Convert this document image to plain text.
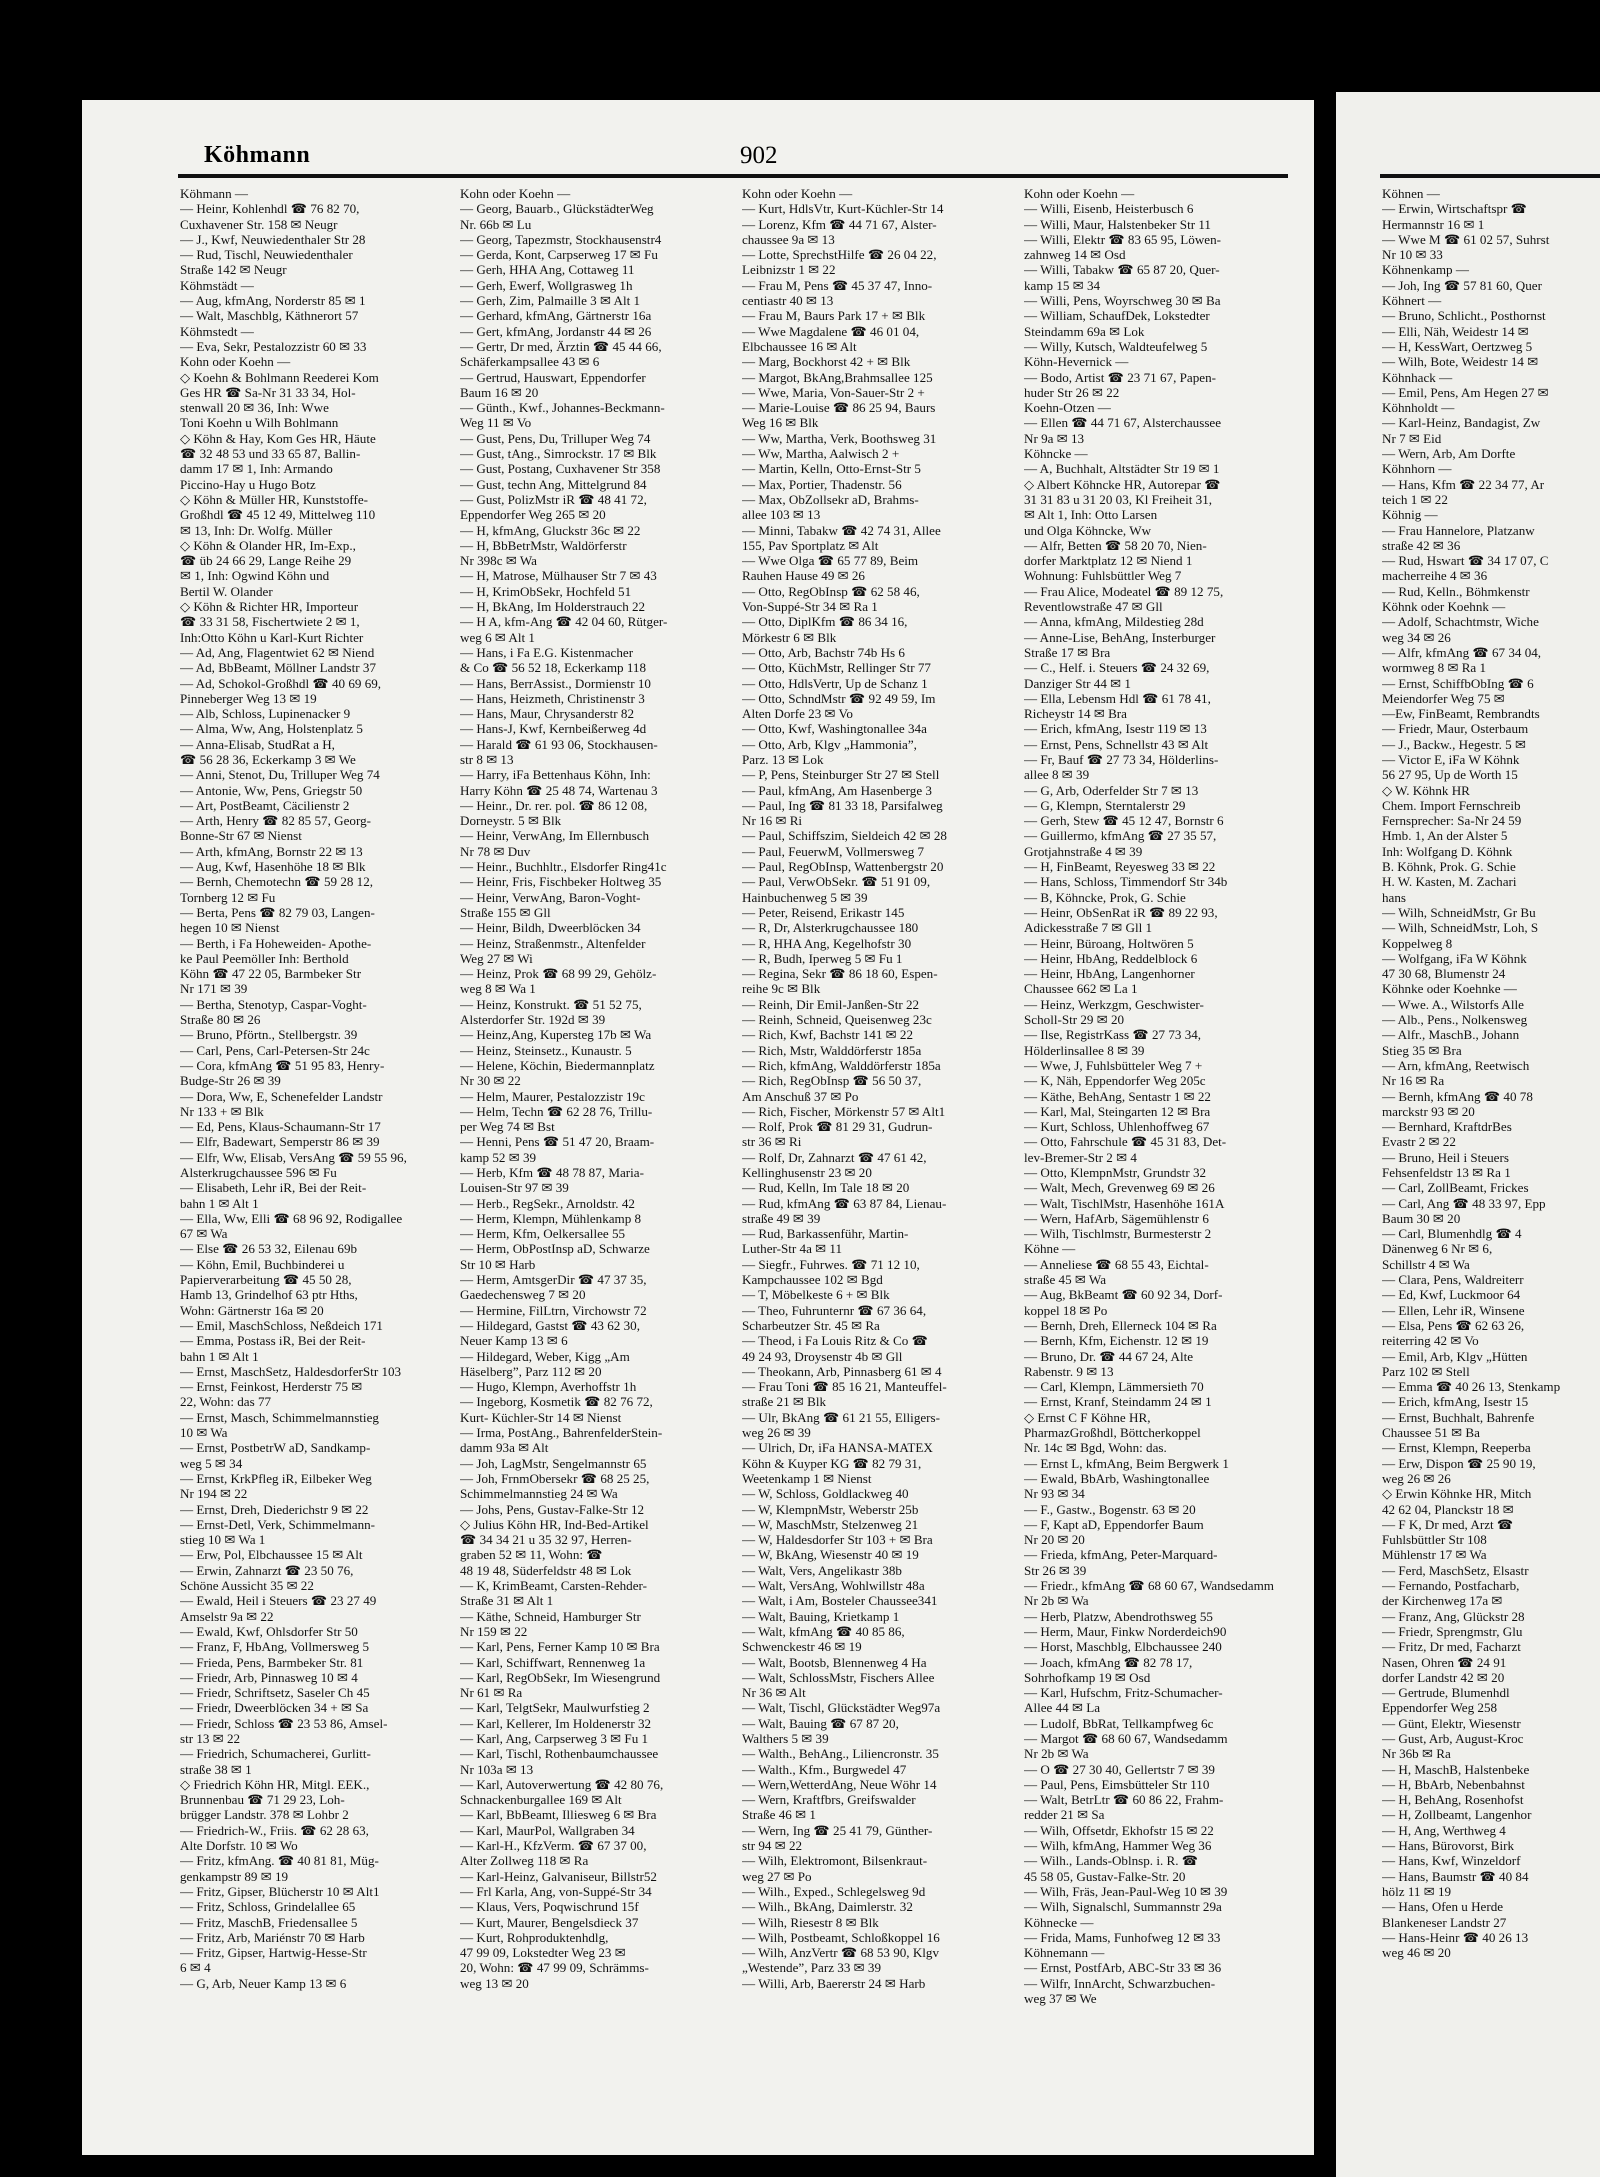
Köhmann	902
Köhmann —
— Heinr, Kohlenhdl ☎ 76 82 70,
Cuxhavener Str. 158 ✉ Neugr
— J., Kwf, Neuwiedenthaler Str 28
— Rud, Tischl, Neuwiedenthaler
Straße 142 ✉ Neugr
Köhmstädt —
— Aug, kfmAng, Norderstr 85 ✉ 1
— Walt, Maschblg, Käthnerort 57
Köhmstedt —
— Eva, Sekr, Pestalozzistr 60 ✉ 33
Kohn oder Koehn —
◇ Koehn & Bohlmann Reederei Kom
Ges HR ☎ Sa-Nr 31 33 34, Hol-
stenwall 20 ✉ 36, Inh: Wwe
Toni Koehn u Wilh Bohlmann
◇ Köhn & Hay, Kom Ges HR, Häute
☎ 32 48 53 und 33 65 87, Ballin-
damm 17 ✉ 1, Inh: Armando
Piccino-Hay u Hugo Botz
◇ Köhn & Müller HR, Kunststoffe-
Großhdl ☎ 45 12 49, Mittelweg 110
✉ 13, Inh: Dr. Wolfg. Müller
◇ Köhn & Olander HR, Im-Exp.,
☎ üb 24 66 29, Lange Reihe 29
✉ 1, Inh: Ogwind Köhn und
Bertil W. Olander
◇ Köhn & Richter HR, Importeur
☎ 33 31 58, Fischertwiete 2 ✉ 1,
Inh:Otto Köhn u Karl-Kurt Richter
— Ad, Ang, Flagentwiet 62 ✉ Niend
— Ad, BbBeamt, Möllner Landstr 37
— Ad, Schokol-Großhdl ☎ 40 69 69,
Pinneberger Weg 13 ✉ 19
— Alb, Schloss, Lupinenacker 9
— Alma, Ww, Ang, Holstenplatz 5
— Anna-Elisab, StudRat a H,
☎ 56 28 36, Eckerkamp 3 ✉ We
— Anni, Stenot, Du, Trilluper Weg 74
— Antonie, Ww, Pens, Griegstr 50
— Art, PostBeamt, Cäcilienstr 2
— Arth, Henry ☎ 82 85 57, Georg-
Bonne-Str 67 ✉ Nienst
— Arth, kfmAng, Bornstr 22 ✉ 13
— Aug, Kwf, Hasenhöhe 18 ✉ Blk
— Bernh, Chemotechn ☎ 59 28 12,
Tornberg 12 ✉ Fu
— Berta, Pens ☎ 82 79 03, Langen-
hegen 10 ✉ Nienst
— Berth, i Fa Hoheweiden- Apothe-
ke Paul Peemöller Inh: Berthold
Köhn ☎ 47 22 05, Barmbeker Str
Nr 171 ✉ 39
— Bertha, Stenotyp, Caspar-Voght-
Straße 80 ✉ 26
— Bruno, Pförtn., Stellbergstr. 39
— Carl, Pens, Carl-Petersen-Str 24c
— Cora, kfmAng ☎ 51 95 83, Henry-
Budge-Str 26 ✉ 39
— Dora, Ww, E, Schenefelder Landstr
Nr 133 + ✉ Blk
— Ed, Pens, Klaus-Schaumann-Str 17
— Elfr, Badewart, Semperstr 86 ✉ 39
— Elfr, Ww, Elisab, VersAng ☎ 59 55 96,
Alsterkrugchaussee 596 ✉ Fu
— Elisabeth, Lehr iR, Bei der Reit-
bahn 1 ✉ Alt 1
— Ella, Ww, Elli ☎ 68 96 92, Rodigallee
67 ✉ Wa
— Else ☎ 26 53 32, Eilenau 69b
— Köhn, Emil, Buchbinderei u
Papierverarbeitung ☎ 45 50 28,
Hamb 13, Grindelhof 63 ptr Hths,
Wohn: Gärtnerstr 16a ✉ 20
— Emil, MaschSchloss, Neßdeich 171
— Emma, Postass iR, Bei der Reit-
bahn 1 ✉ Alt 1
— Ernst, MaschSetz, HaldesdorferStr 103
— Ernst, Feinkost, Herderstr 75 ✉
22, Wohn: das 77
— Ernst, Masch, Schimmelmannstieg
10 ✉ Wa
— Ernst, PostbetrW aD, Sandkamp-
weg 5 ✉ 34
— Ernst, KrkPfleg iR, Eilbeker Weg
Nr 194 ✉ 22
— Ernst, Dreh, Diederichstr 9 ✉ 22
— Ernst-Detl, Verk, Schimmelmann-
stieg 10 ✉ Wa 1
— Erw, Pol, Elbchaussee 15 ✉ Alt
— Erwin, Zahnarzt ☎ 23 50 76,
Schöne Aussicht 35 ✉ 22
— Ewald, Heil i Steuers ☎ 23 27 49
Amselstr 9a ✉ 22
— Ewald, Kwf, Ohlsdorfer Str 50
— Franz, F, HbAng, Vollmersweg 5
— Frieda, Pens, Barmbeker Str. 81
— Friedr, Arb, Pinnasweg 10 ✉ 4
— Friedr, Schriftsetz, Saseler Ch 45
— Friedr, Dweerblöcken 34 + ✉ Sa
— Friedr, Schloss ☎ 23 53 86, Amsel-
str 13 ✉ 22
— Friedrich, Schumacherei, Gurlitt-
straße 38 ✉ 1
◇ Friedrich Köhn HR, Mitgl. EEK.,
Brunnenbau ☎ 71 29 23, Loh-
brügger Landstr. 378 ✉ Lohbr 2
— Friedrich-W., Friis. ☎ 62 28 63,
Alte Dorfstr. 10 ✉ Wo
— Fritz, kfmAng. ☎ 40 81 81, Müg-
genkampstr 89 ✉ 19
— Fritz, Gipser, Blücherstr 10 ✉ Alt1
— Fritz, Schloss, Grindelallee 65
— Fritz, MaschB, Friedensallee 5
— Fritz, Arb, Mariénstr 70 ✉ Harb
— Fritz, Gipser, Hartwig-Hesse-Str
6 ✉ 4
— G, Arb, Neuer Kamp 13 ✉ 6
Kohn oder Koehn —
— Georg, Bauarb., GlückstädterWeg
Nr. 66b ✉ Lu
— Georg, Tapezmstr, Stockhausenstr4
— Gerda, Kont, Carpserweg 17 ✉ Fu
— Gerh, HHA Ang, Cottaweg 11
— Gerh, Ewerf, Wollgrasweg 1h
— Gerh, Zim, Palmaille 3 ✉ Alt 1
— Gerhard, kfmAng, Gärtnerstr 16a
— Gert, kfmAng, Jordanstr 44 ✉ 26
— Gertr, Dr med, Ärztin ☎ 45 44 66,
Schäferkampsallee 43 ✉ 6
— Gertrud, Hauswart, Eppendorfer
Baum 16 ✉ 20
— Günth., Kwf., Johannes-Beckmann-
Weg 11 ✉ Vo
— Gust, Pens, Du, Trilluper Weg 74
— Gust, tAng., Simrockstr. 17 ✉ Blk
— Gust, Postang, Cuxhavener Str 358
— Gust, techn Ang, Mittelgrund 84
— Gust, PolizMstr iR ☎ 48 41 72,
Eppendorfer Weg 265 ✉ 20
— H, kfmAng, Gluckstr 36c ✉ 22
— H, BbBetrMstr, Waldörferstr
Nr 398c ✉ Wa
— H, Matrose, Mülhauser Str 7 ✉ 43
— H, KrimObSekr, Hochfeld 51
— H, BkAng, Im Holderstrauch 22
— H A, kfm-Ang ☎ 42 04 60, Rütger-
weg 6 ✉ Alt 1
— Hans, i Fa E.G. Kistenmacher
& Co ☎ 56 52 18, Eckerkamp 118
— Hans, BerrAssist., Dormienstr 10
— Hans, Heizmeth, Christinenstr 3
— Hans, Maur, Chrysanderstr 82
— Hans-J, Kwf, Kernbeißerweg 4d
— Harald ☎ 61 93 06, Stockhausen-
str 8 ✉ 13
— Harry, iFa Bettenhaus Köhn, Inh:
Harry Köhn ☎ 25 48 74, Wartenau 3
— Heinr., Dr. rer. pol. ☎ 86 12 08,
Dorneystr. 5 ✉ Blk
— Heinr, VerwAng, Im Ellernbusch
Nr 78 ✉ Duv
— Heinr., Buchhltr., Elsdorfer Ring41c
— Heinr, Fris, Fischbeker Holtweg 35
— Heinr, VerwAng, Baron-Voght-
Straße 155 ✉ Gll
— Heinr, Bildh, Dweerblöcken 34
— Heinz, Straßenmstr., Altenfelder
Weg 27 ✉ Wi
— Heinz, Prok ☎ 68 99 29, Gehölz-
weg 8 ✉ Wa 1
— Heinz, Konstrukt. ☎ 51 52 75,
Alsterdorfer Str. 192d ✉ 39
— Heinz,Ang, Kupersteg 17b ✉ Wa
— Heinz, Steinsetz., Kunaustr. 5
— Helene, Köchin, Biedermannplatz
Nr 30 ✉ 22
— Helm, Maurer, Pestalozzistr 19c
— Helm, Techn ☎ 62 28 76, Trillu-
per Weg 74 ✉ Bst
— Henni, Pens ☎ 51 47 20, Braam-
kamp 52 ✉ 39
— Herb, Kfm ☎ 48 78 87, Maria-
Louisen-Str 97 ✉ 39
— Herb., RegSekr., Arnoldstr. 42
— Herm, Klempn, Mühlenkamp 8
— Herm, Kfm, Oelkersallee 55
— Herm, ObPostInsp aD, Schwarze
Str 10 ✉ Harb
— Herm, AmtsgerDir ☎ 47 37 35,
Gaedechensweg 7 ✉ 20
— Hermine, FilLtrn, Virchowstr 72
— Hildegard, Gastst ☎ 43 62 30,
Neuer Kamp 13 ✉ 6
— Hildegard, Weber, Kigg „Am
Häselberg”, Parz 112 ✉ 20
— Hugo, Klempn, Averhoffstr 1h
— Ingeborg, Kosmetik ☎ 82 76 72,
Kurt- Küchler-Str 14 ✉ Nienst
— Irma, PostAng., BahrenfelderStein-
damm 93a ✉ Alt
— Joh, LagMstr, Sengelmannstr 65
— Joh, FrnmObersekr ☎ 68 25 25,
Schimmelmannstieg 24 ✉ Wa
— Johs, Pens, Gustav-Falke-Str 12
◇ Julius Köhn HR, Ind-Bed-Artikel
☎ 34 34 21 u 35 32 97, Herren-
graben 52 ✉ 11, Wohn: ☎
48 19 48, Süderfeldstr 48 ✉ Lok
— K, KrimBeamt, Carsten-Rehder-
Straße 31 ✉ Alt 1
— Käthe, Schneid, Hamburger Str
Nr 159 ✉ 22
— Karl, Pens, Ferner Kamp 10 ✉ Bra
— Karl, Schiffwart, Rennenweg 1a
— Karl, RegObSekr, Im Wiesengrund
Nr 61 ✉ Ra
— Karl, TelgtSekr, Maulwurfstieg 2
— Karl, Kellerer, Im Holdenerstr 32
— Karl, Ang, Carpserweg 3 ✉ Fu 1
— Karl, Tischl, Rothenbaumchaussee
Nr 103a ✉ 13
— Karl, Autoverwertung ☎ 42 80 76,
Schnackenburgallee 169 ✉ Alt
— Karl, BbBeamt, Illiesweg 6 ✉ Bra
— Karl, MaurPol, Wallgraben 34
— Karl-H., KfzVerm. ☎ 67 37 00,
Alter Zollweg 118 ✉ Ra
— Karl-Heinz, Galvaniseur, Billstr52
— Frl Karla, Ang, von-Suppé-Str 34
— Klaus, Vers, Poqwischrund 15f
— Kurt, Maurer, Bengelsdieck 37
— Kurt, Rohproduktenhdlg,
47 99 09, Lokstedter Weg 23 ✉
20, Wohn: ☎ 47 99 09, Schrämms-
weg 13 ✉ 20
Kohn oder Koehn —
— Kurt, HdlsVtr, Kurt-Küchler-Str 14
— Lorenz, Kfm ☎ 44 71 67, Alster-
chaussee 9a ✉ 13
— Lotte, SprechstHilfe ☎ 26 04 22,
Leibnizstr 1 ✉ 22
— Frau M, Pens ☎ 45 37 47, Inno-
centiastr 40 ✉ 13
— Frau M, Baurs Park 17 + ✉ Blk
— Wwe Magdalene ☎ 46 01 04,
Elbchaussee 16 ✉ Alt
— Marg, Bockhorst 42 + ✉ Blk
— Margot, BkAng,Brahmsallee 125
— Wwe, Maria, Von-Sauer-Str 2 +
— Marie-Louise ☎ 86 25 94, Baurs
Weg 16 ✉ Blk
— Ww, Martha, Verk, Boothsweg 31
— Ww, Martha, Aalwisch 2 +
— Martin, Kelln, Otto-Ernst-Str 5
— Max, Portier, Thadenstr. 56
— Max, ObZollsekr aD, Brahms-
allee 103 ✉ 13
— Minni, Tabakw ☎ 42 74 31, Allee
155, Pav Sportplatz ✉ Alt
— Wwe Olga ☎ 65 77 89, Beim
Rauhen Hause 49 ✉ 26
— Otto, RegObInsp ☎ 62 58 46,
Von-Suppé-Str 34 ✉ Ra 1
— Otto, DiplKfm ☎ 86 34 16,
Mörkestr 6 ✉ Blk
— Otto, Arb, Bachstr 74b Hs 6
— Otto, KüchMstr, Rellinger Str 77
— Otto, HdlsVertr, Up de Schanz 1
— Otto, SchndMstr ☎ 92 49 59, Im
Alten Dorfe 23 ✉ Vo
— Otto, Kwf, Washingtonallee 34a
— Otto, Arb, Klgv „Hammonia”,
Parz. 13 ✉ Lok
— P, Pens, Steinburger Str 27 ✉ Stell
— Paul, kfmAng, Am Hasenberge 3
— Paul, Ing ☎ 81 33 18, Parsifalweg
Nr 16 ✉ Ri
— Paul, Schiffszim, Sieldeich 42 ✉ 28
— Paul, FeuerwM, Vollmersweg 7
— Paul, RegObInsp, Wattenbergstr 20
— Paul, VerwObSekr. ☎ 51 91 09,
Hainbuchenweg 5 ✉ 39
— Peter, Reisend, Erikastr 145
— R, Dr, Alsterkrugchaussee 180
— R, HHA Ang, Kegelhofstr 30
— R, Budh, Iperweg 5 ✉ Fu 1
— Regina, Sekr ☎ 86 18 60, Espen-
reihe 9c ✉ Blk
— Reinh, Dir Emil-Janßen-Str 22
— Reinh, Schneid, Queisenweg 23c
— Rich, Kwf, Bachstr 141 ✉ 22
— Rich, Mstr, Walddörferstr 185a
— Rich, kfmAng, Walddörferstr 185a
— Rich, RegObInsp ☎ 56 50 37,
Am Anschuß 37 ✉ Po
— Rich, Fischer, Mörkenstr 57 ✉ Alt1
— Rolf, Prok ☎ 81 29 31, Gudrun-
str 36 ✉ Ri
— Rolf, Dr, Zahnarzt ☎ 47 61 42,
Kellinghusenstr 23 ✉ 20
— Rud, Kelln, Im Tale 18 ✉ 20
— Rud, kfmAng ☎ 63 87 84, Lienau-
straße 49 ✉ 39
— Rud, Barkassenführ, Martin-
Luther-Str 4a ✉ 11
— Siegfr., Fuhrwes. ☎ 71 12 10,
Kampchaussee 102 ✉ Bgd
— T, Möbelkeste 6 + ✉ Blk
— Theo, Fuhrunternr ☎ 67 36 64,
Scharbeutzer Str. 45 ✉ Ra
— Theod, i Fa Louis Ritz & Co ☎
49 24 93, Droysenstr 4b ✉ Gll
— Theokann, Arb, Pinnasberg 61 ✉ 4
— Frau Toni ☎ 85 16 21, Manteuffel-
straße 21 ✉ Blk
— Ulr, BkAng ☎ 61 21 55, Elligers-
weg 26 ✉ 39
— Ulrich, Dr, iFa HANSA-MATEX
Köhn & Kuyper KG ☎ 82 79 31,
Weetenkamp 1 ✉ Nienst
— W, Schloss, Goldlackweg 40
— W, KlempnMstr, Weberstr 25b
— W, MaschMstr, Stelzenweg 21
— W, Haldesdorfer Str 103 + ✉ Bra
— W, BkAng, Wiesenstr 40 ✉ 19
— Walt, Vers, Angelikastr 38b
— Walt, VersAng, Wohlwillstr 48a
— Walt, i Am, Bosteler Chaussee341
— Walt, Bauing, Krietkamp 1
— Walt, kfmAng ☎ 40 85 86,
Schwenckestr 46 ✉ 19
— Walt, Bootsb, Blennenweg 4 Ha
— Walt, SchlossMstr, Fischers Allee
Nr 36 ✉ Alt
— Walt, Tischl, Glückstädter Weg97a
— Walt, Bauing ☎ 67 87 20,
Walthers 5 ✉ 39
— Walth., BehAng., Liliencronstr. 35
— Walth., Kfm., Burgwedel 47
— Wern,WetterdAng, Neue Wöhr 14
— Wern, Kraftfbrs, Greifswalder
Straße 46 ✉ 1
— Wern, Ing ☎ 25 41 79, Günther-
str 94 ✉ 22
— Wilh, Elektromont, Bilsenkraut-
weg 27 ✉ Po
— Wilh., Exped., Schlegelsweg 9d
— Wilh., BkAng, Daimlerstr. 32
— Wilh, Riesestr 8 ✉ Blk
— Wilh, Postbeamt, Schloßkoppel 16
— Wilh, AnzVertr ☎ 68 53 90, Klgv
„Westende”, Parz 33 ✉ 39
— Willi, Arb, Baererstr 24 ✉ Harb
Kohn oder Koehn —
— Willi, Eisenb, Heisterbusch 6
— Willi, Maur, Halstenbeker Str 11
— Willi, Elektr ☎ 83 65 95, Löwen-
zahnweg 14 ✉ Osd
— Willi, Tabakw ☎ 65 87 20, Quer-
kamp 15 ✉ 34
— Willi, Pens, Woyrschweg 30 ✉ Ba
— William, SchaufDek, Lokstedter
Steindamm 69a ✉ Lok
— Willy, Kutsch, Waldteufelweg 5
Köhn-Hevernick —
— Bodo, Artist ☎ 23 71 67, Papen-
huder Str 26 ✉ 22
Koehn-Otzen —
— Ellen ☎ 44 71 67, Alsterchaussee
Nr 9a ✉ 13
Köhncke —
— A, Buchhalt, Altstädter Str 19 ✉ 1
◇ Albert Köhncke HR, Autorepar ☎
31 31 83 u 31 20 03, Kl Freiheit 31,
✉ Alt 1, Inh: Otto Larsen
und Olga Köhncke, Ww
— Alfr, Betten ☎ 58 20 70, Nien-
dorfer Marktplatz 12 ✉ Niend 1
Wohnung: Fuhlsbüttler Weg 7
— Frau Alice, Modeatel ☎ 89 12 75,
Reventlowstraße 47 ✉ Gll
— Anna, kfmAng, Mildestieg 28d
— Anne-Lise, BehAng, Insterburger
Straße 17 ✉ Bra
— C., Helf. i. Steuers ☎ 24 32 69,
Danziger Str 44 ✉ 1
— Ella, Lebensm Hdl ☎ 61 78 41,
Richeystr 14 ✉ Bra
— Erich, kfmAng, Isestr 119 ✉ 13
— Ernst, Pens, Schnellstr 43 ✉ Alt
— Fr, Bauf ☎ 27 73 34, Hölderlins-
allee 8 ✉ 39
— G, Arb, Oderfelder Str 7 ✉ 13
— G, Klempn, Sterntalerstr 29
— Gerh, Stew ☎ 45 12 47, Bornstr 6
— Guillermo, kfmAng ☎ 27 35 57,
Grotjahnstraße 4 ✉ 39
— H, FinBeamt, Reyesweg 33 ✉ 22
— Hans, Schloss, Timmendorf Str 34b
— B, Köhncke, Prok, G. Schie
— Heinr, ObSenRat iR ☎ 89 22 93,
Adickesstraße 7 ✉ Gll 1
— Heinr, Büroang, Holtwören 5
— Heinr, HbAng, Reddelblock 6
— Heinr, HbAng, Langenhorner
Chaussee 662 ✉ La 1
— Heinz, Werkzgm, Geschwister-
Scholl-Str 29 ✉ 20
— Ilse, RegistrKass ☎ 27 73 34,
Hölderlinsallee 8 ✉ 39
— Wwe, J, Fuhlsbütteler Weg 7 +
— K, Näh, Eppendorfer Weg 205c
— Käthe, BehAng, Sentastr 1 ✉ 22
— Karl, Mal, Steingarten 12 ✉ Bra
— Kurt, Schloss, Uhlenhoffweg 67
— Otto, Fahrschule ☎ 45 31 83, Det-
lev-Bremer-Str 2 ✉ 4
— Otto, KlempnMstr, Grundstr 32
— Walt, Mech, Grevenweg 69 ✉ 26
— Walt, TischlMstr, Hasenhöhe 161A
— Wern, HafArb, Sägemühlenstr 6
— Wilh, Tischlmstr, Burmesterstr 2
Köhne —
— Anneliese ☎ 68 55 43, Eichtal-
straße 45 ✉ Wa
— Aug, BkBeamt ☎ 60 92 34, Dorf-
koppel 18 ✉ Po
— Bernh, Dreh, Ellerneck 104 ✉ Ra
— Bernh, Kfm, Eichenstr. 12 ✉ 19
— Bruno, Dr. ☎ 44 67 24, Alte
Rabenstr. 9 ✉ 13
— Carl, Klempn, Lämmersieth 70
— Ernst, Kranf, Steindamm 24 ✉ 1
◇ Ernst C F Köhne HR,
PharmazGroßhdl, Böttcherkoppel
Nr. 14c ✉ Bgd, Wohn: das.
— Ernst L, kfmAng, Beim Bergwerk 1
— Ewald, BbArb, Washingtonallee
Nr 93 ✉ 34
— F., Gastw., Bogenstr. 63 ✉ 20
— F, Kapt aD, Eppendorfer Baum
Nr 20 ✉ 20
— Frieda, kfmAng, Peter-Marquard-
Str 26 ✉ 39
— Friedr., kfmAng ☎ 68 60 67, Wandsedamm
Nr 2b ✉ Wa
— Herb, Platzw, Abendrothsweg 55
— Herm, Maur, Finkw Norderdeich90
— Horst, Maschblg, Elbchaussee 240
— Joach, kfmAng ☎ 82 78 17,
Sohrhofkamp 19 ✉ Osd
— Karl, Hufschm, Fritz-Schumacher-
Allee 44 ✉ La
— Ludolf, BbRat, Tellkampfweg 6c
— Margot ☎ 68 60 67, Wandsedamm
Nr 2b ✉ Wa
— O ☎ 27 30 40, Gellertstr 7 ✉ 39
— Paul, Pens, Eimsbütteler Str 110
— Walt, BetrLtr ☎ 60 86 22, Frahm-
redder 21 ✉ Sa
— Wilh, Offsetdr, Ekhofstr 15 ✉ 22
— Wilh, kfmAng, Hammer Weg 36
— Wilh., Lands-Oblnsp. i. R. ☎
45 58 05, Gustav-Falke-Str. 20
— Wilh, Fräs, Jean-Paul-Weg 10 ✉ 39
— Wilh, Signalschl, Summannstr 29a
Köhnecke —
— Frida, Mams, Funhofweg 12 ✉ 33
Köhnemann —
— Ernst, PostfArb, ABC-Str 33 ✉ 36
— Wilfr, InnArcht, Schwarzbuchen-
weg 37 ✉ We
Köhnen —
— Erwin, Wirtschaftspr ☎
Hermannstr 16 ✉ 1
— Wwe M ☎ 61 02 57, Suhrst
Nr 10 ✉ 33
Köhnenkamp —
— Joh, Ing ☎ 57 81 60, Quer
Köhnert —
— Bruno, Schlicht., Posthornst
— Elli, Näh, Weidestr 14 ✉
— H, KessWart, Oertzweg 5
— Wilh, Bote, Weidestr 14 ✉
Köhnhack —
— Emil, Pens, Am Hegen 27 ✉
Köhnholdt —
— Karl-Heinz, Bandagist, Zw
Nr 7 ✉ Eid
— Wern, Arb, Am Dorfte
Köhnhorn —
— Hans, Kfm ☎ 22 34 77, Ar
teich 1 ✉ 22
Köhnig —
— Frau Hannelore, Platzanw
straße 42 ✉ 36
— Rud, Hswart ☎ 34 17 07, C
macherreihe 4 ✉ 36
— Rud, Kelln., Böhmkenstr
Köhnk oder Koehnk —
— Adolf, Schachtmstr, Wiche
weg 34 ✉ 26
— Alfr, kfmAng ☎ 67 34 04,
wormweg 8 ✉ Ra 1
— Ernst, SchiffbObIng ☎ 6
Meiendorfer Weg 75 ✉
—Ew, FinBeamt, Rembrandts
— Friedr, Maur, Osterbaum
— J., Backw., Hegestr. 5 ✉
— Victor E, iFa W Köhnk
56 27 95, Up de Worth 15
◇ W. Köhnk HR
Chem. Import Fernschreib
Fernsprecher: Sa-Nr 24 59
Hmb. 1, An der Alster 5
Inh: Wolfgang D. Köhnk
B. Köhnk, Prok. G. Schie
H. W. Kasten, M. Zachari
hans
— Wilh, SchneidMstr, Gr Bu
— Wilh, SchneidMstr, Loh, S
Koppelweg 8
— Wolfgang, iFa W Köhnk
47 30 68, Blumenstr 24
Köhnke oder Koehnke —
— Wwe. A., Wilstorfs Alle
— Alb., Pens., Nolkensweg
— Alfr., MaschB., Johann
Stieg 35 ✉ Bra
— Arn, kfmAng, Reetwisch
Nr 16 ✉ Ra
— Bernh, kfmAng ☎ 40 78
marckstr 93 ✉ 20
— Bernhard, KraftdrBes
Evastr 2 ✉ 22
— Bruno, Heil i Steuers
Fehsenfeldstr 13 ✉ Ra 1
— Carl, ZollBeamt, Frickes
— Carl, Ang ☎ 48 33 97, Epp
Baum 30 ✉ 20
— Carl, Blumenhdlg ☎ 4
Dänenweg 6 Nr ✉ 6,
Schillstr 4 ✉ Wa
— Clara, Pens, Waldreiterr
— Ed, Kwf, Luckmoor 64
— Ellen, Lehr iR, Winsene
— Elsa, Pens ☎ 62 63 26,
reiterring 42 ✉ Vo
— Emil, Arb, Klgv „Hütten
Parz 102 ✉ Stell
— Emma ☎ 40 26 13, Stenkamp
— Erich, kfmAng, Isestr 15
— Ernst, Buchhalt, Bahrenfe
Chaussee 51 ✉ Ba
— Ernst, Klempn, Reeperba
— Erw, Dispon ☎ 25 90 19,
weg 26 ✉ 26
◇ Erwin Köhnke HR, Mitch
42 62 04, Planckstr 18 ✉
— F K, Dr med, Arzt ☎
Fuhlsbüttler Str 108
Mühlenstr 17 ✉ Wa
— Ferd, MaschSetz, Elsastr
— Fernando, Postfacharb,
der Kirchenweg 17a ✉
— Franz, Ang, Glückstr 28
— Friedr, Sprengmstr, Glu
— Fritz, Dr med, Facharzt
Nasen, Ohren ☎ 24 91
dorfer Landstr 42 ✉ 20
— Gertrude, Blumenhdl
Eppendorfer Weg 258
— Günt, Elektr, Wiesenstr
— Gust, Arb, August-Kroc
Nr 36b ✉ Ra
— H, MaschB, Halstenbeke
— H, BbArb, Nebenbahnst
— H, BehAng, Rosenhofst
— H, Zollbeamt, Langenhor
— H, Ang, Werthweg 4
— Hans, Bürovorst, Birk
— Hans, Kwf, Winzeldorf
— Hans, Baumstr ☎ 40 84
hölz 11 ✉ 19
— Hans, Ofen u Herde
Blankeneser Landstr 27
— Hans-Heinr ☎ 40 26 13
weg 46 ✉ 20
